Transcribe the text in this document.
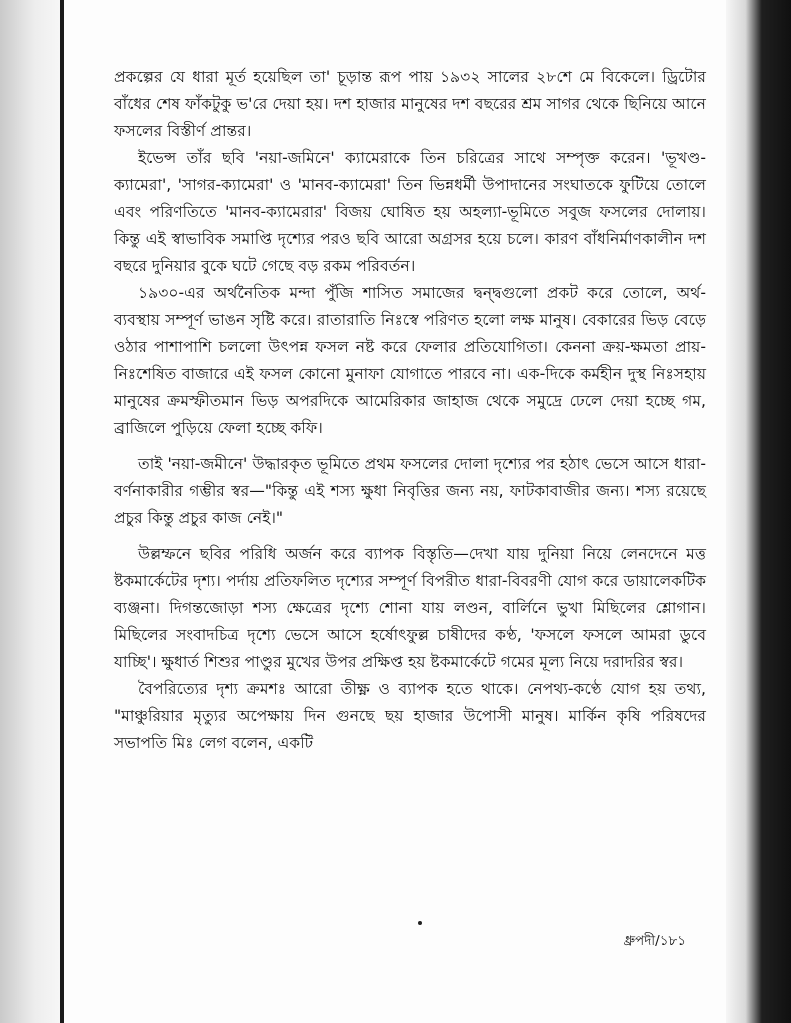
প্রকল্পের যে ধারা মূর্ত হয়েছিল তা' চূড়ান্ত রূপ পায় ১৯৩২ সালের ২৮শে মে বিকেলে। ড্রিটোর বাঁধের শেষ ফাঁকটুকু ভ'রে দেয়া হয়। দশ হাজার মানুষের দশ বছরের শ্রম সাগর থেকে ছিনিয়ে আনে ফসলের বিস্তীর্ণ প্রান্তর।

ইভেন্স তাঁর ছবি 'নয়া-জমিনে' ক্যামেরাকে তিন চরিত্রের সাথে সম্পৃক্ত করেন। 'ভূখণ্ড-ক্যামেরা', 'সাগর-ক্যামেরা' ও 'মানব-ক্যামেরা' তিন ভিন্নধর্মী উপাদানের সংঘাতকে ফুটিয়ে তোলে এবং পরিণতিতে 'মানব-ক্যামেরার' বিজয় ঘোষিত হয় অহল্যা-ভূমিতে সবুজ ফসলের দোলায়। কিন্তু এই স্বাভাবিক সমাপ্তি দৃশ্যের পরও ছবি আরো অগ্রসর হয়ে চলে। কারণ বাঁধনির্মাণকালীন দশ বছরে দুনিয়ার বুকে ঘটে গেছে বড় রকম পরিবর্তন।

১৯৩০-এর অর্থনৈতিক মন্দা পুঁজি শাসিত সমাজের দ্বন্দ্বগুলো প্রকট করে তোলে, অর্থ-ব্যবস্থায় সম্পূর্ণ ভাঙন সৃষ্টি করে। রাতারাতি নিঃস্বে পরিণত হলো লক্ষ মানুষ। বেকারের ভিড় বেড়ে ওঠার পাশাপাশি চললো উৎপন্ন ফসল নষ্ট করে ফেলার প্রতিযোগিতা। কেননা ক্রয়-ক্ষমতা প্রায়-নিঃশেষিত বাজারে এই ফসল কোনো মুনাফা যোগাতে পারবে না। এক-দিকে কর্মহীন দুস্থ নিঃসহায় মানুষের ক্রমস্ফীতমান ভিড় অপরদিকে আমেরিকার জাহাজ থেকে সমুদ্রে ঢেলে দেয়া হচ্ছে গম, ব্রাজিলে পুড়িয়ে ফেলা হচ্ছে কফি।

তাই 'নয়া-জমীনে' উদ্ধারকৃত ভূমিতে প্রথম ফসলের দোলা দৃশ্যের পর হঠাৎ ভেসে আসে ধারা-বর্ণনাকারীর গম্ভীর স্বর—"কিন্তু এই শস্য ক্ষুধা নিবৃত্তির জন্য নয়, ফাটকাবাজীর জন্য। শস্য রয়েছে প্রচুর কিন্তু প্রচুর কাজ নেই।"

উল্লম্ফনে ছবির পরিধি অর্জন করে ব্যাপক বিস্তৃতি—দেখা যায় দুনিয়া নিয়ে লেনদেনে মত্ত ষ্টকমার্কেটের দৃশ্য। পর্দায় প্রতিফলিত দৃশ্যের সম্পূর্ণ বিপরীত ধারা-বিবরণী যোগ করে ডায়ালেকটিক ব্যঞ্জনা। দিগন্তজোড়া শস্য ক্ষেত্রের দৃশ্যে শোনা যায় লণ্ডন, বার্লিনে ভুখা মিছিলের শ্লোগান। মিছিলের সংবাদচিত্র দৃশ্যে ভেসে আসে হর্ষোৎফুল্ল চাষীদের কণ্ঠ, 'ফসলে ফসলে আমরা ডুবে যাচ্ছি'। ক্ষুধার্ত শিশুর পাণ্ডুর মুখের উপর প্রক্ষিপ্ত হয় ষ্টকমার্কেটে গমের মূল্য নিয়ে দরাদরির স্বর।

বৈপরিত্যের দৃশ্য ক্রমশঃ আরো তীক্ষ্ণ ও ব্যাপক হতে থাকে। নেপথ্য-কণ্ঠে যোগ হয় তথ্য, "মাঞ্চুরিয়ার মৃত্যুর অপেক্ষায় দিন গুনছে ছয় হাজার উপোসী মানুষ। মার্কিন কৃষি পরিষদের সভাপতি মিঃ লেগ বলেন, একটি

ধ্রুপদী/১৮১
